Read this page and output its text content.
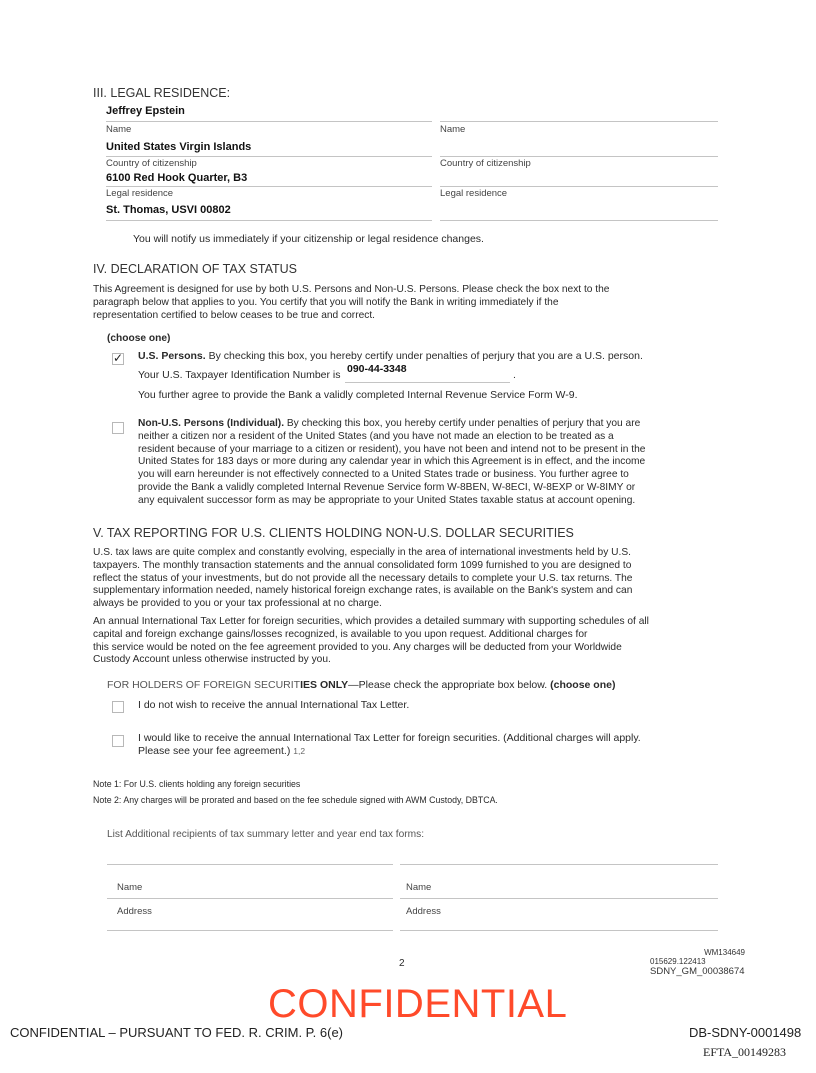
III. LEGAL RESIDENCE:
Jeffrey Epstein
Name
United States Virgin Islands
Country of citizenship
6100 Red Hook Quarter, B3
Legal residence
St. Thomas, USVI 00802
Name
Country of citizenship
Legal residence
You will notify us immediately if your citizenship or legal residence changes.
IV. DECLARATION OF TAX STATUS
This Agreement is designed for use by both U.S. Persons and Non-U.S. Persons. Please check the box next to the
paragraph below that applies to you. You certify that you will notify the Bank in writing immediately if the
representation certified to below ceases to be true and correct.
(choose one)
✓
U.S. Persons. By checking this box, you hereby certify under penalties of perjury that you are a U.S. person.
Your U.S. Taxpayer Identification Number is 090-44-3348	.
You further agree to provide the Bank a validly completed Internal Revenue Service Form W-9.
Non-U.S. Persons (Individual). By checking this box, you hereby certify under penalties of perjury that you are
neither a citizen nor a resident of the United States (and you have not made an election to be treated as a
resident because of your marriage to a citizen or resident), you have not been and intend not to be present in the
United States for 183 days or more during any calendar year in which this Agreement is in effect, and the income
you will earn hereunder is not effectively connected to a United States trade or business. You further agree to
provide the Bank a validly completed Internal Revenue Service form W-8BEN, W-8ECI, W-8EXP or W-8IMY or
any equivalent successor form as may be appropriate to your United States taxable status at account opening.
V. TAX REPORTING FOR U.S. CLIENTS HOLDING NON-U.S. DOLLAR SECURITIES
U.S. tax laws are quite complex and constantly evolving, especially in the area of international investments held by U.S.
taxpayers. The monthly transaction statements and the annual consolidated form 1099 furnished to you are designed to
reflect the status of your investments, but do not provide all the necessary details to complete your U.S. tax returns. The
supplementary information needed, namely historical foreign exchange rates, is available on the Bank's system and can
always be provided to you or your tax professional at no charge.
An annual International Tax Letter for foreign securities, which provides a detailed summary with supporting schedules of all
capital and foreign exchange gains/losses recognized, is available to you upon request. Additional charges for
this service would be noted on the fee agreement provided to you. Any charges will be deducted from your Worldwide
Custody Account unless otherwise instructed by you.
FOR HOLDERS OF FOREIGN SECURITIES ONLY—Please check the appropriate box below. (choose one)
I do not wish to receive the annual International Tax Letter.
I would like to receive the annual International Tax Letter for foreign securities. (Additional charges will apply.
Please see your fee agreement.) 1,2
Note 1: For U.S. clients holding any foreign securities
Note 2: Any charges will be prorated and based on the fee schedule signed with AWM Custody, DBTCA.
List Additional recipients of tax summary letter and year end tax forms:
Name
Address
Name
Address
2
WM134649
015629.122413
SDNY_GM_00038674
CONFIDENTIAL
CONFIDENTIAL – PURSUANT TO FED. R. CRIM. P. 6(e)	DB-SDNY-0001498
EFTA_00149283
